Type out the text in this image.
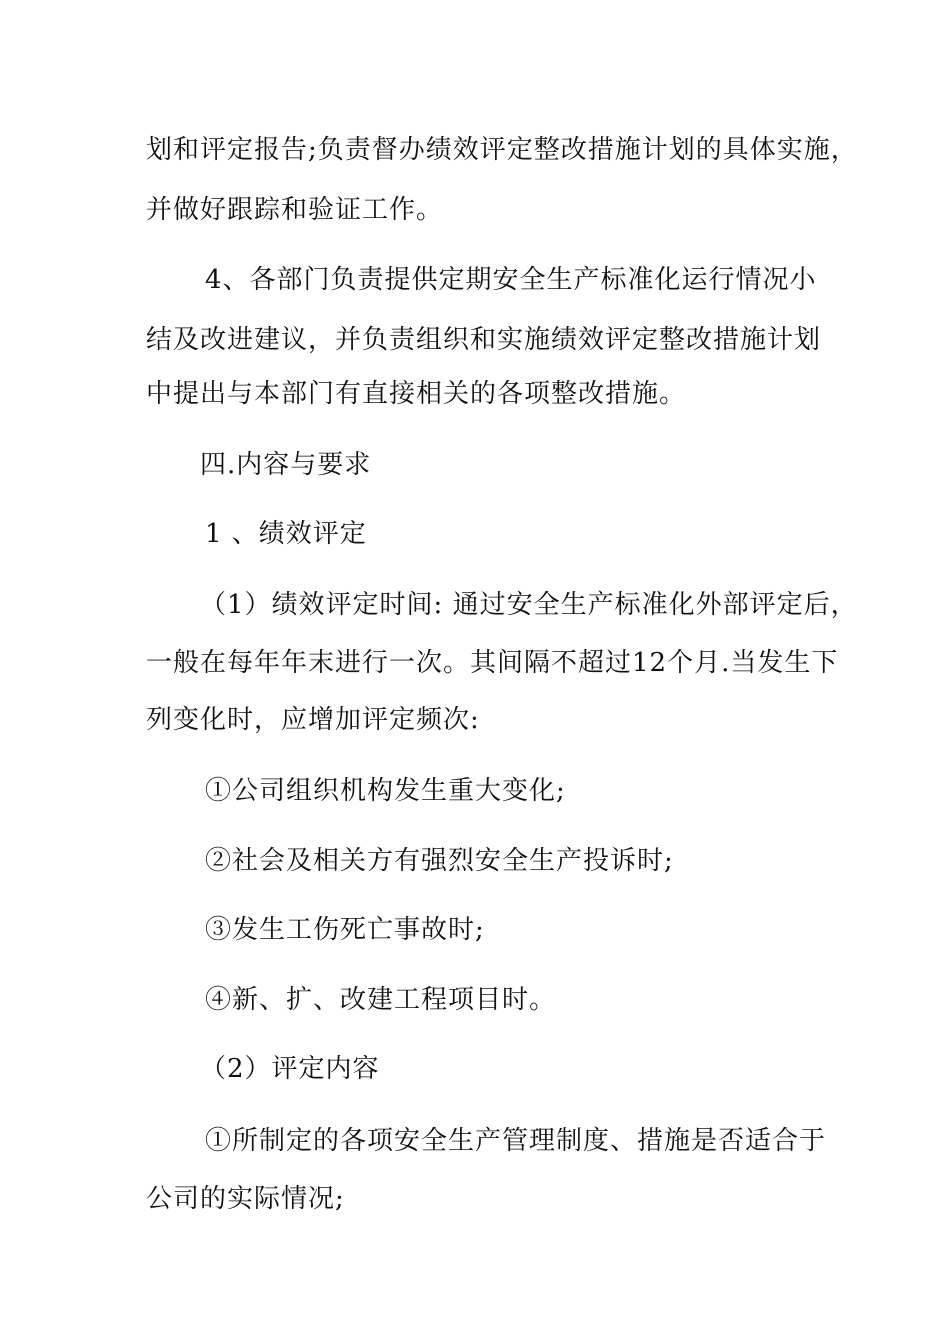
划和评定报告;负责督办绩效评定整改措施计划的具体实施，
并做好跟踪和验证工作。
4、各部门负责提供定期安全生产标准化运行情况小
结及改进建议，并负责组织和实施绩效评定整改措施计划
中提出与本部门有直接相关的各项整改措施。
四.内容与要求
1 、绩效评定
（1）绩效评定时间: 通过安全生产标准化外部评定后，
一般在每年年末进行一次。其间隔不超过12个月.当发生下
列变化时，应增加评定频次:
①公司组织机构发生重大变化;
②社会及相关方有强烈安全生产投诉时;
③发生工伤死亡事故时;
④新、扩、改建工程项目时。
（2）评定内容
①所制定的各项安全生产管理制度、措施是否适合于
公司的实际情况;
